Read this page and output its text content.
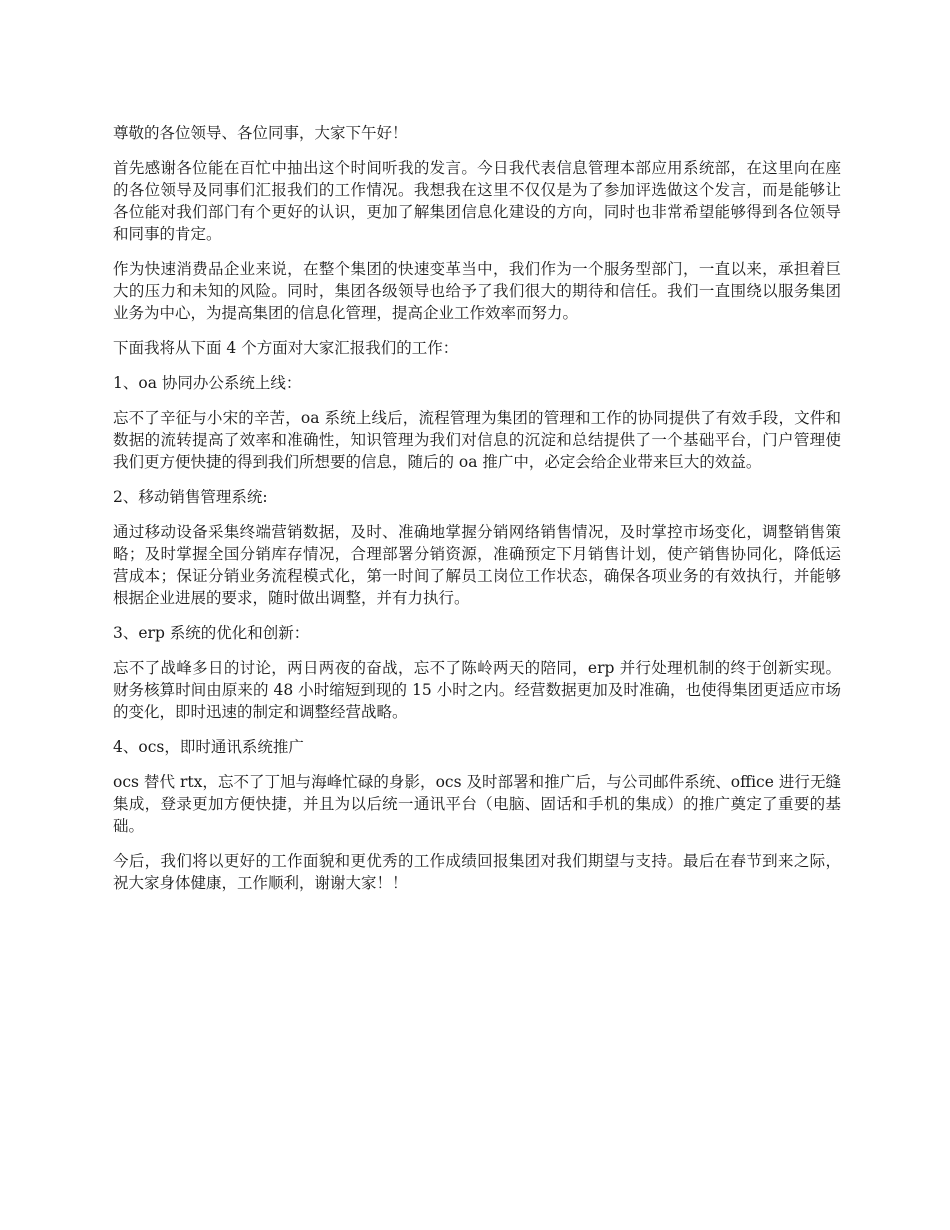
尊敬的各位领导、各位同事，大家下午好！

首先感谢各位能在百忙中抽出这个时间听我的发言。今日我代表信息管理本部应用系统部，在这里向在座的各位领导及同事们汇报我们的工作情况。我想我在这里不仅仅是为了参加评选做这个发言，而是能够让各位能对我们部门有个更好的认识，更加了解集团信息化建设的方向，同时也非常希望能够得到各位领导和同事的肯定。

作为快速消费品企业来说，在整个集团的快速变革当中，我们作为一个服务型部门，一直以来，承担着巨大的压力和未知的风险。同时，集团各级领导也给予了我们很大的期待和信任。我们一直围绕以服务集团业务为中心，为提高集团的信息化管理，提高企业工作效率而努力。

下面我将从下面 4 个方面对大家汇报我们的工作：

1、oa 协同办公系统上线：

忘不了辛征与小宋的辛苦，oa 系统上线后，流程管理为集团的管理和工作的协同提供了有效手段，文件和数据的流转提高了效率和准确性，知识管理为我们对信息的沉淀和总结提供了一个基础平台，门户管理使我们更方便快捷的得到我们所想要的信息，随后的 oa 推广中，必定会给企业带来巨大的效益。

2、移动销售管理系统:

通过移动设备采集终端营销数据，及时、准确地掌握分销网络销售情况，及时掌控市场变化，调整销售策略；及时掌握全国分销库存情况，合理部署分销资源，准确预定下月销售计划，使产销售协同化，降低运营成本；保证分销业务流程模式化，第一时间了解员工岗位工作状态，确保各项业务的有效执行，并能够根据企业进展的要求，随时做出调整，并有力执行。

3、erp 系统的优化和创新：

忘不了战峰多日的讨论，两日两夜的奋战，忘不了陈岭两天的陪同，erp 并行处理机制的终于创新实现。财务核算时间由原来的 48 小时缩短到现的 15 小时之内。经营数据更加及时准确，也使得集团更适应市场的变化，即时迅速的制定和调整经营战略。

4、ocs，即时通讯系统推广

ocs 替代 rtx，忘不了丁旭与海峰忙碌的身影，ocs 及时部署和推广后，与公司邮件系统、office 进行无缝集成，登录更加方便快捷，并且为以后统一通讯平台（电脑、固话和手机的集成）的推广奠定了重要的基础。

今后，我们将以更好的工作面貌和更优秀的工作成绩回报集团对我们期望与支持。最后在春节到来之际，祝大家身体健康，工作顺利，谢谢大家！！
